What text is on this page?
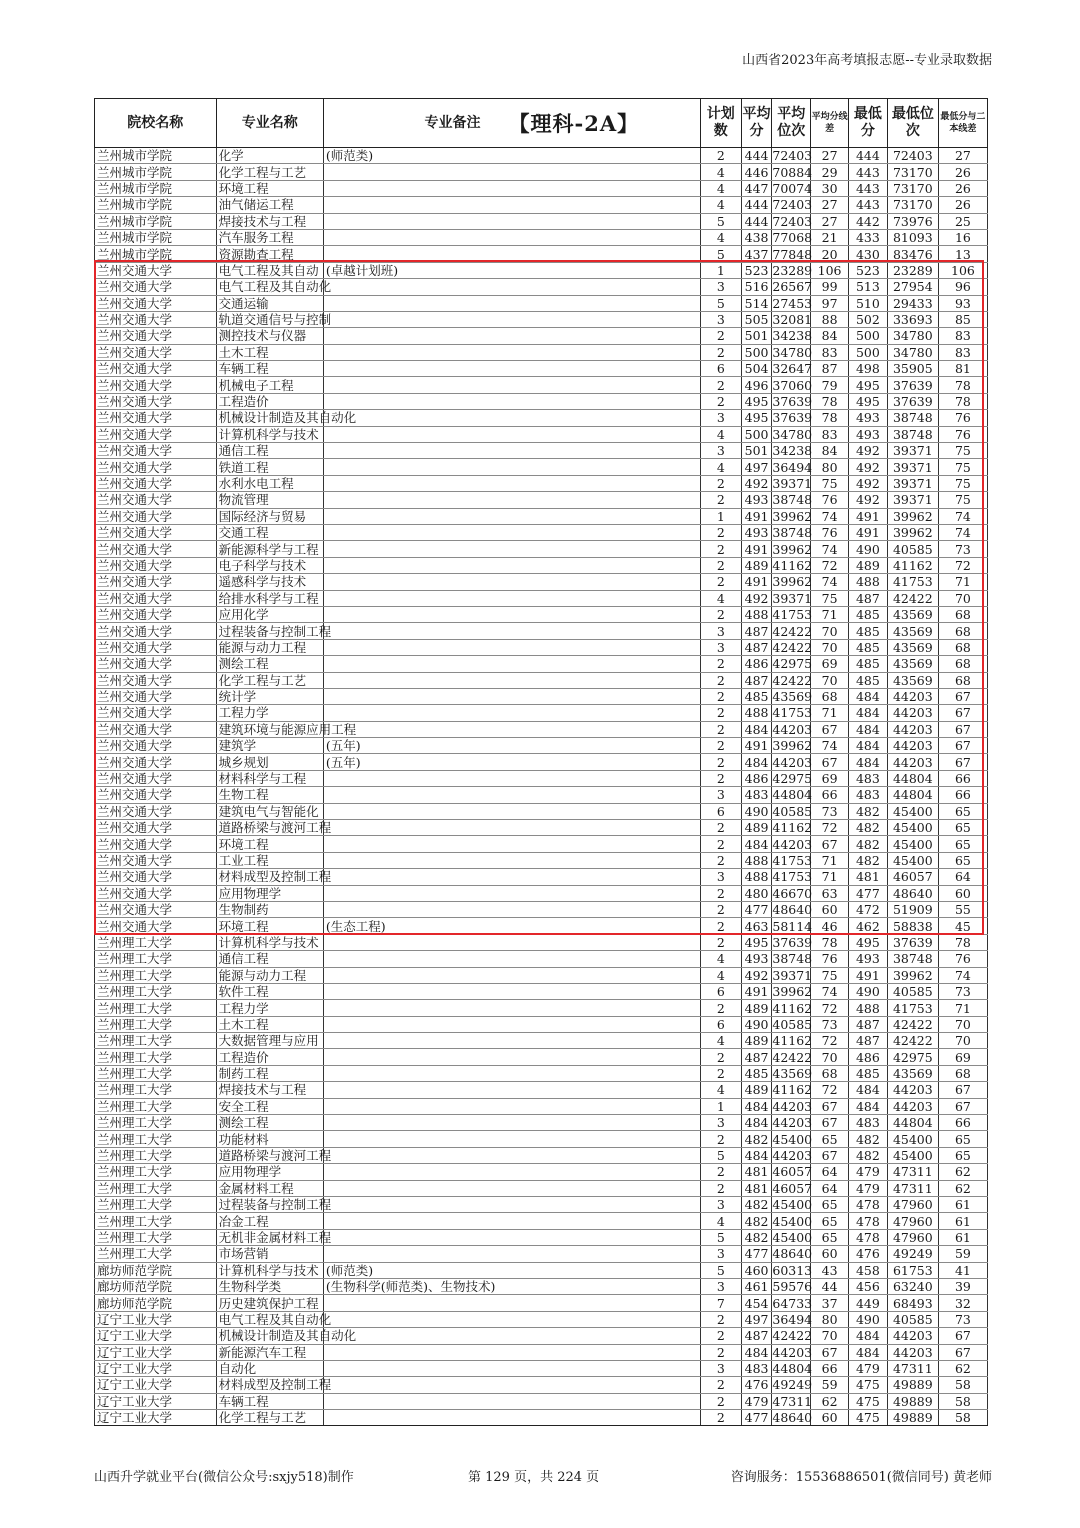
山西省2023年高考填报志愿--专业录取数据
院校名称	专业名称	专业备注 【理科-2A】	计划数	平均分	平均位次	平均分线差	最低分	最低位次	最低分与二本线差
兰州城市学院	化学	(师范类)	2	444	72403	27	444	72403	27
兰州城市学院	化学工程与工艺		4	446	70884	29	443	73170	26
兰州城市学院	环境工程		4	447	70074	30	443	73170	26
兰州城市学院	油气储运工程		4	444	72403	27	443	73170	26
兰州城市学院	焊接技术与工程		5	444	72403	27	442	73976	25
兰州城市学院	汽车服务工程		4	438	77068	21	433	81093	16
兰州城市学院	资源勘查工程		5	437	77848	20	430	83476	13
兰州交通大学	电气工程及其自动	(卓越计划班)	1	523	23289	106	523	23289	106
兰州交通大学	电气工程及其自动化		3	516	26567	99	513	27954	96
兰州交通大学	交通运输		5	514	27453	97	510	29433	93
兰州交通大学	轨道交通信号与控制		3	505	32081	88	502	33693	85
兰州交通大学	测控技术与仪器		2	501	34238	84	500	34780	83
兰州交通大学	土木工程		2	500	34780	83	500	34780	83
兰州交通大学	车辆工程		6	504	32647	87	498	35905	81
兰州交通大学	机械电子工程		2	496	37060	79	495	37639	78
兰州交通大学	工程造价		2	495	37639	78	495	37639	78
兰州交通大学	机械设计制造及其自动化		3	495	37639	78	493	38748	76
兰州交通大学	计算机科学与技术		4	500	34780	83	493	38748	76
兰州交通大学	通信工程		3	501	34238	84	492	39371	75
兰州交通大学	铁道工程		4	497	36494	80	492	39371	75
兰州交通大学	水利水电工程		2	492	39371	75	492	39371	75
兰州交通大学	物流管理		2	493	38748	76	492	39371	75
兰州交通大学	国际经济与贸易		1	491	39962	74	491	39962	74
兰州交通大学	交通工程		2	493	38748	76	491	39962	74
兰州交通大学	新能源科学与工程		2	491	39962	74	490	40585	73
兰州交通大学	电子科学与技术		2	489	41162	72	489	41162	72
兰州交通大学	遥感科学与技术		2	491	39962	74	488	41753	71
兰州交通大学	给排水科学与工程		4	492	39371	75	487	42422	70
兰州交通大学	应用化学		2	488	41753	71	485	43569	68
兰州交通大学	过程装备与控制工程		3	487	42422	70	485	43569	68
兰州交通大学	能源与动力工程		3	487	42422	70	485	43569	68
兰州交通大学	测绘工程		2	486	42975	69	485	43569	68
兰州交通大学	化学工程与工艺		2	487	42422	70	485	43569	68
兰州交通大学	统计学		2	485	43569	68	484	44203	67
兰州交通大学	工程力学		2	488	41753	71	484	44203	67
兰州交通大学	建筑环境与能源应用工程		2	484	44203	67	484	44203	67
兰州交通大学	建筑学	(五年)	2	491	39962	74	484	44203	67
兰州交通大学	城乡规划	(五年)	2	484	44203	67	484	44203	67
兰州交通大学	材料科学与工程		2	486	42975	69	483	44804	66
兰州交通大学	生物工程		3	483	44804	66	483	44804	66
兰州交通大学	建筑电气与智能化		6	490	40585	73	482	45400	65
兰州交通大学	道路桥梁与渡河工程		2	489	41162	72	482	45400	65
兰州交通大学	环境工程		2	484	44203	67	482	45400	65
兰州交通大学	工业工程		2	488	41753	71	482	45400	65
兰州交通大学	材料成型及控制工程		3	488	41753	71	481	46057	64
兰州交通大学	应用物理学		2	480	46670	63	477	48640	60
兰州交通大学	生物制药		2	477	48640	60	472	51909	55
兰州交通大学	环境工程	(生态工程)	2	463	58114	46	462	58838	45
兰州理工大学	计算机科学与技术		2	495	37639	78	495	37639	78
兰州理工大学	通信工程		4	493	38748	76	493	38748	76
兰州理工大学	能源与动力工程		4	492	39371	75	491	39962	74
兰州理工大学	软件工程		6	491	39962	74	490	40585	73
兰州理工大学	工程力学		2	489	41162	72	488	41753	71
兰州理工大学	土木工程		6	490	40585	73	487	42422	70
兰州理工大学	大数据管理与应用		4	489	41162	72	487	42422	70
兰州理工大学	工程造价		2	487	42422	70	486	42975	69
兰州理工大学	制药工程		2	485	43569	68	485	43569	68
兰州理工大学	焊接技术与工程		4	489	41162	72	484	44203	67
兰州理工大学	安全工程		1	484	44203	67	484	44203	67
兰州理工大学	测绘工程		3	484	44203	67	483	44804	66
兰州理工大学	功能材料		2	482	45400	65	482	45400	65
兰州理工大学	道路桥梁与渡河工程		5	484	44203	67	482	45400	65
兰州理工大学	应用物理学		2	481	46057	64	479	47311	62
兰州理工大学	金属材料工程		2	481	46057	64	479	47311	62
兰州理工大学	过程装备与控制工程		3	482	45400	65	478	47960	61
兰州理工大学	冶金工程		4	482	45400	65	478	47960	61
兰州理工大学	无机非金属材料工程		5	482	45400	65	478	47960	61
兰州理工大学	市场营销		3	477	48640	60	476	49249	59
廊坊师范学院	计算机科学与技术	(师范类)	5	460	60313	43	458	61753	41
廊坊师范学院	生物科学类	(生物科学(师范类)、生物技术)	3	461	59576	44	456	63240	39
廊坊师范学院	历史建筑保护工程		7	454	64733	37	449	68493	32
辽宁工业大学	电气工程及其自动化		2	497	36494	80	490	40585	73
辽宁工业大学	机械设计制造及其自动化		2	487	42422	70	484	44203	67
辽宁工业大学	新能源汽车工程		2	484	44203	67	484	44203	67
辽宁工业大学	自动化		3	483	44804	66	479	47311	62
辽宁工业大学	材料成型及控制工程		2	476	49249	59	475	49889	58
辽宁工业大学	车辆工程		2	479	47311	62	475	49889	58
辽宁工业大学	化学工程与工艺		2	477	48640	60	475	49889	58
山西升学就业平台(微信公众号:sxjy518)制作	第 129 页，共 224 页	咨询服务：15536886501(微信同号) 黄老师
